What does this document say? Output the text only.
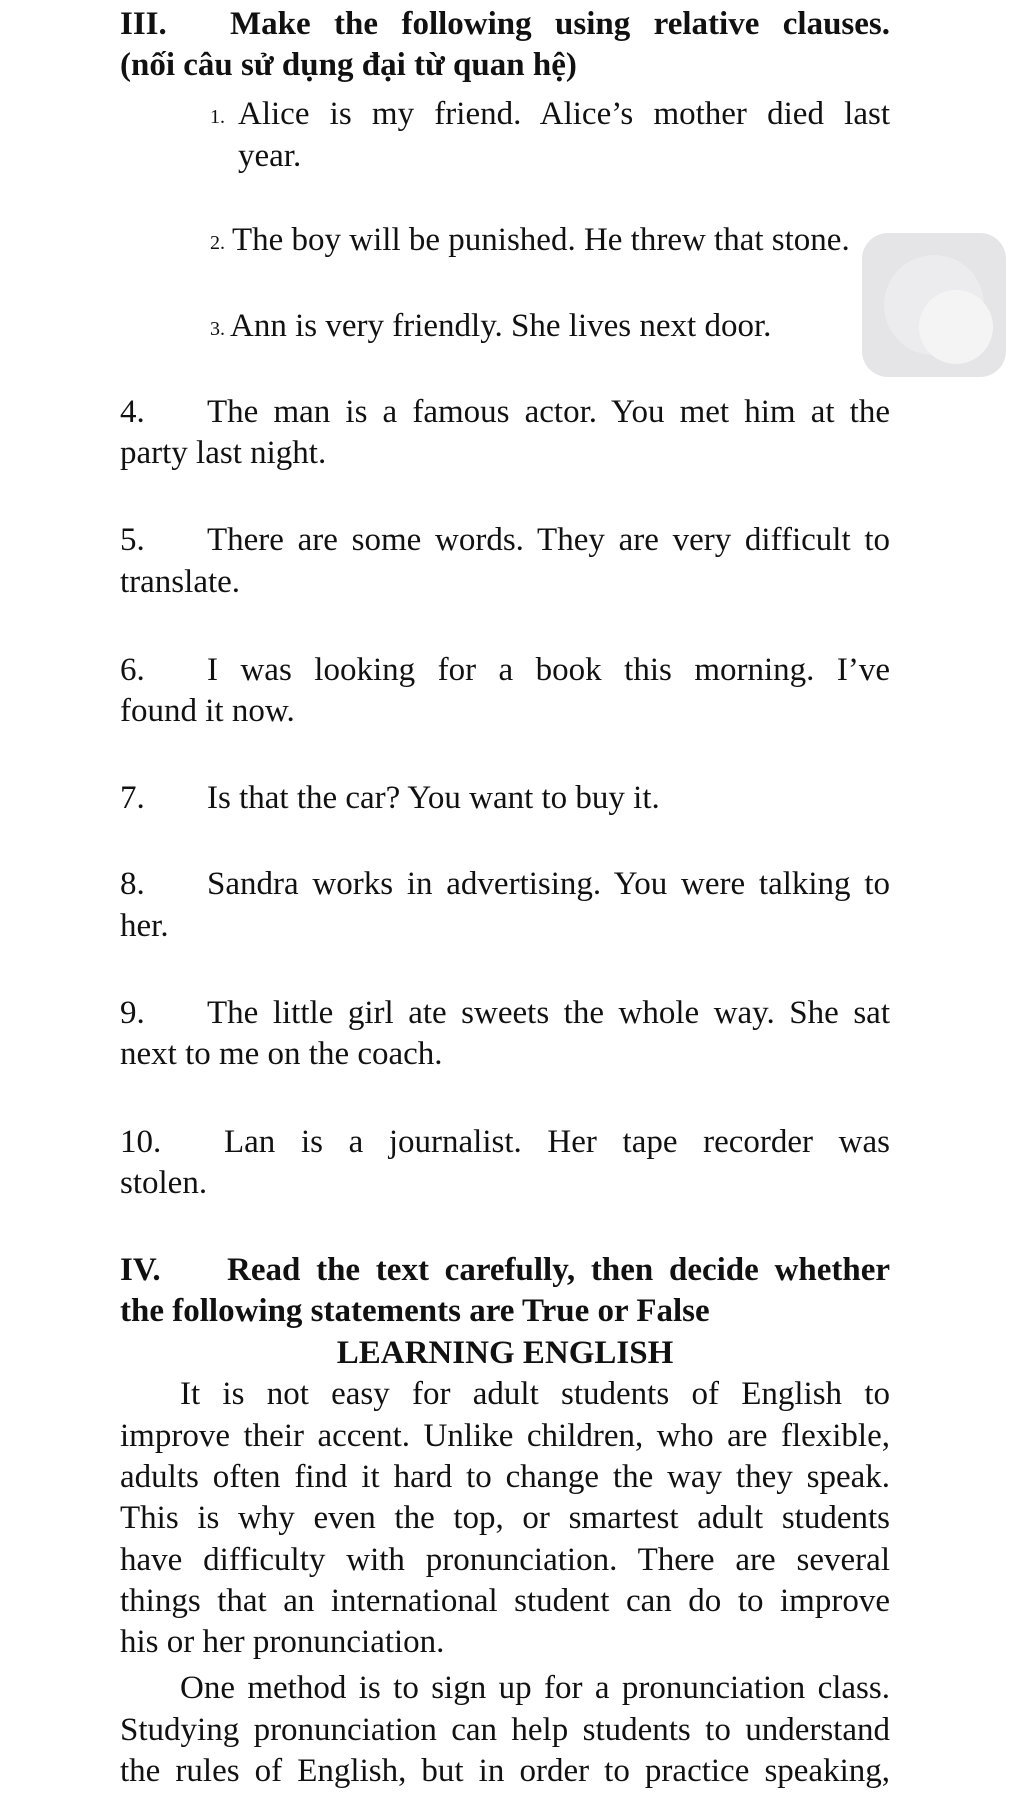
III. Make the following using relative clauses.
(nối câu sử dụng đại từ quan hệ)
1. Alice is my friend. Alice’s mother died last
year.
2. The boy will be punished. He threw that stone.
3. Ann is very friendly. She lives next door.
4. The man is a famous actor. You met him at the
party last night.
5. There are some words. They are very difficult to
translate.
6. I was looking for a book this morning. I’ve
found it now.
7. Is that the car? You want to buy it.
8. Sandra works in advertising. You were talking to
her.
9. The little girl ate sweets the whole way. She sat
next to me on the coach.
10. Lan is a journalist. Her tape recorder was
stolen.
IV. Read the text carefully, then decide whether
the following statements are True or False
LEARNING ENGLISH
It is not easy for adult students of English to
improve their accent. Unlike children, who are flexible,
adults often find it hard to change the way they speak.
This is why even the top, or smartest adult students
have difficulty with pronunciation. There are several
things that an international student can do to improve
his or her pronunciation.
One method is to sign up for a pronunciation class.
Studying pronunciation can help students to understand
the rules of English, but in order to practice speaking,
